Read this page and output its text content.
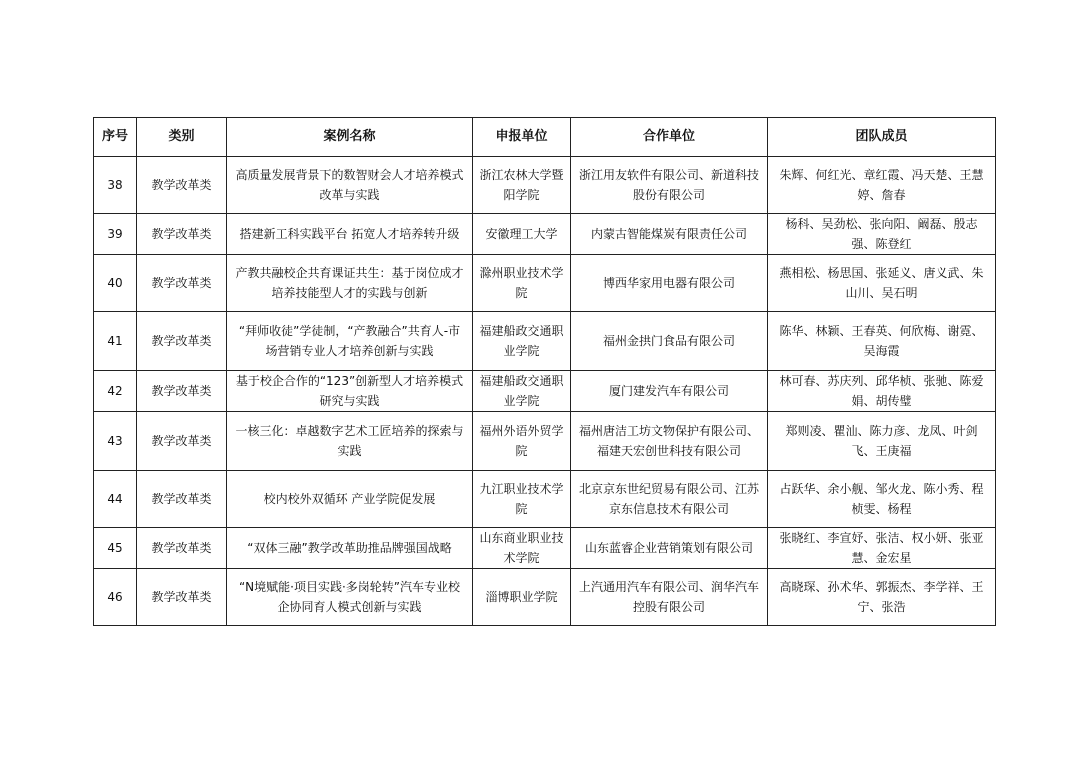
序号	类别	案例名称	申报单位	合作单位	团队成员
38	教学改革类	高质量发展背景下的数智财会人才培养模式改革与实践	浙江农林大学暨阳学院	浙江用友软件有限公司、新道科技股份有限公司	朱辉、何红光、章红霞、冯天楚、王慧婷、詹春
39	教学改革类	搭建新工科实践平台 拓宽人才培养转升级	安徽理工大学	内蒙古智能煤炭有限责任公司	杨科、吴劲松、张向阳、阚磊、殷志强、陈登红
40	教学改革类	产教共融校企共育课证共生：基于岗位成才培养技能型人才的实践与创新	滁州职业技术学院	博西华家用电器有限公司	燕相松、杨思国、张延义、唐义武、朱山川、吴石明
41	教学改革类	“拜师收徒”学徒制，“产教融合”共育人-市场营销专业人才培养创新与实践	福建船政交通职业学院	福州金拱门食品有限公司	陈华、林颖、王春英、何欣梅、谢霓、吴海霞
42	教学改革类	基于校企合作的“123”创新型人才培养模式研究与实践	福建船政交通职业学院	厦门建发汽车有限公司	林可春、苏庆列、邱华桢、张驰、陈爱娟、胡传璧
43	教学改革类	一核三化：卓越数字艺术工匠培养的探索与实践	福州外语外贸学院	福州唐洁工坊文物保护有限公司、福建天宏创世科技有限公司	郑则凌、瞿汕、陈力彦、龙凤、叶剑飞、王庚福
44	教学改革类	校内校外双循环 产业学院促发展	九江职业技术学院	北京京东世纪贸易有限公司、江苏京东信息技术有限公司	占跃华、余小舰、邹火龙、陈小秀、程桢雯、杨程
45	教学改革类	“双体三融”教学改革助推品牌强国战略	山东商业职业技术学院	山东蓝睿企业营销策划有限公司	张晓红、李宣妤、张洁、权小妍、张亚慧、金宏星
46	教学改革类	“N境赋能·项目实践·多岗轮转”汽车专业校企协同育人模式创新与实践	淄博职业学院	上汽通用汽车有限公司、润华汽车控股有限公司	高晓琛、孙术华、郭振杰、李学祥、王宁、张浩
